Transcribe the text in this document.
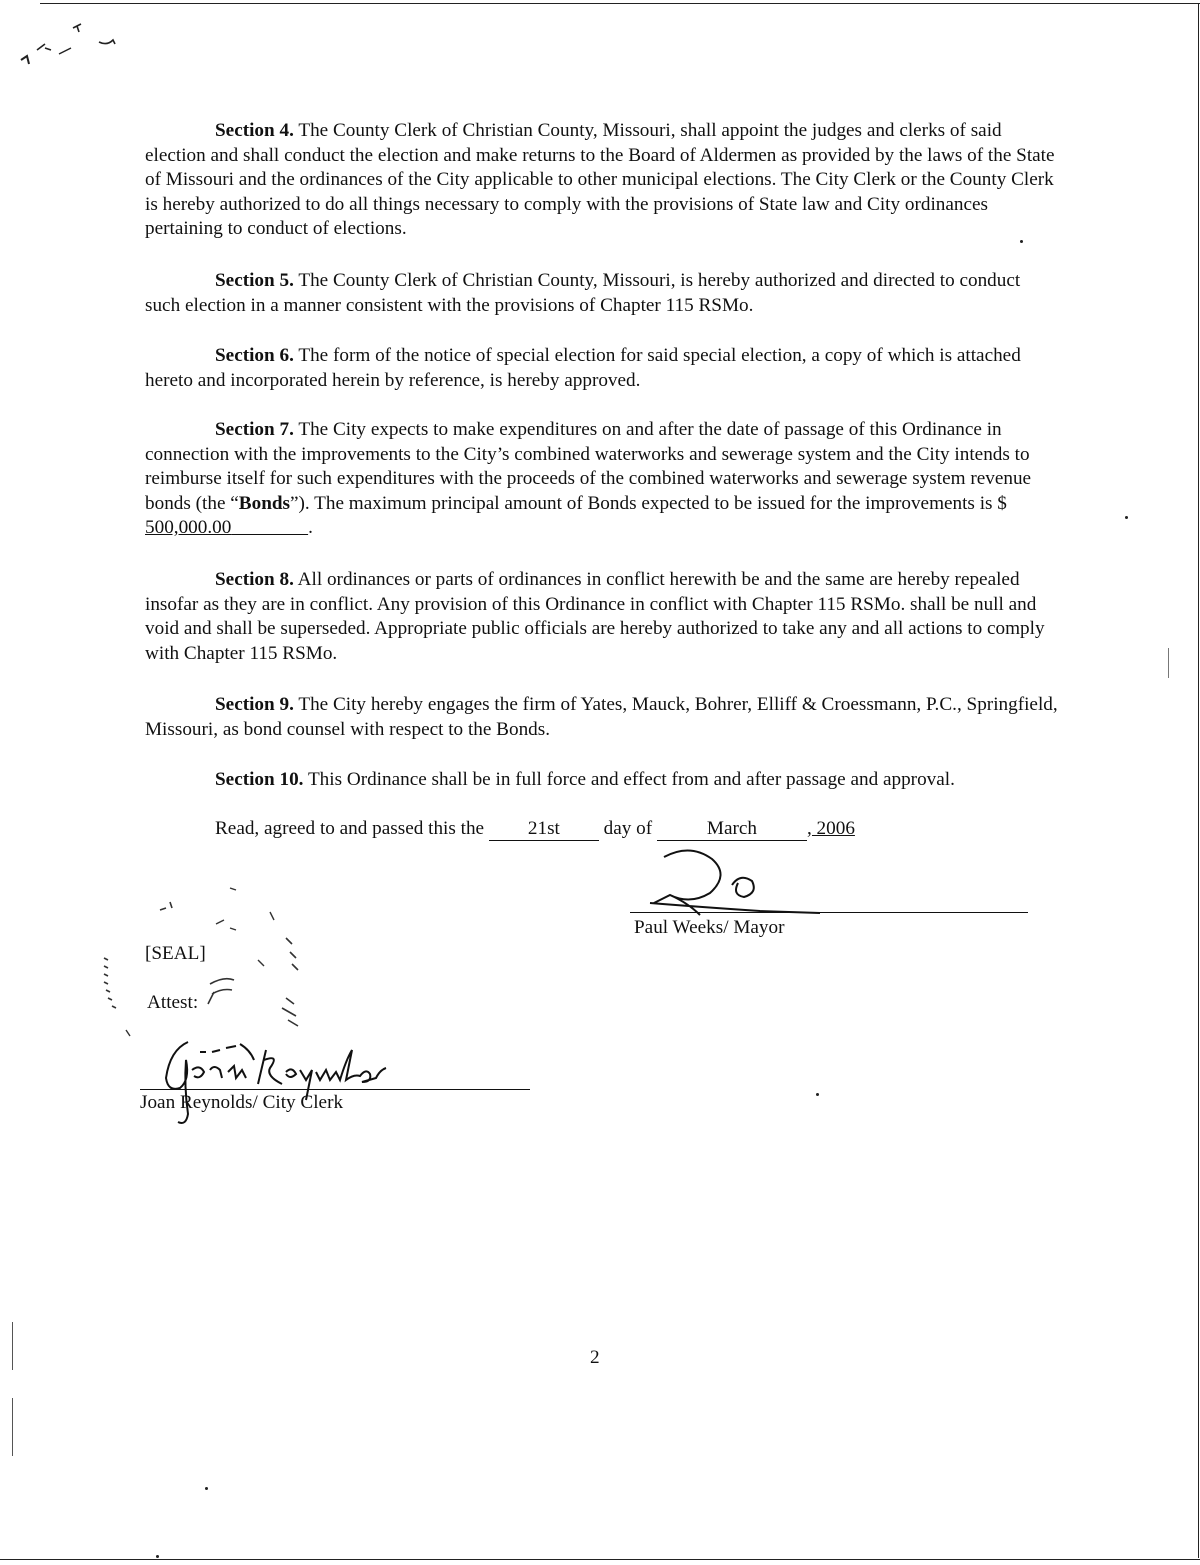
Section 4. The County Clerk of Christian County, Missouri, shall appoint the judges and clerks of said election and shall conduct the election and make returns to the Board of Aldermen as provided by the laws of the State of Missouri and the ordinances of the City applicable to other municipal elections. The City Clerk or the County Clerk is hereby authorized to do all things necessary to comply with the provisions of State law and City ordinances pertaining to conduct of elections.

Section 5. The County Clerk of Christian County, Missouri, is hereby authorized and directed to conduct such election in a manner consistent with the provisions of Chapter 115 RSMo.

Section 6. The form of the notice of special election for said special election, a copy of which is attached hereto and incorporated herein by reference, is hereby approved.

Section 7. The City expects to make expenditures on and after the date of passage of this Ordinance in connection with the improvements to the City’s combined waterworks and sewerage system and the City intends to reimburse itself for such expenditures with the proceeds of the combined waterworks and sewerage system revenue bonds (the “Bonds”). The maximum principal amount of Bonds expected to be issued for the improvements is $ 500,000.00	.

Section 8. All ordinances or parts of ordinances in conflict herewith be and the same are hereby repealed insofar as they are in conflict. Any provision of this Ordinance in conflict with Chapter 115 RSMo. shall be null and void and shall be superseded. Appropriate public officials are hereby authorized to take any and all actions to comply with Chapter 115 RSMo.

Section 9. The City hereby engages the firm of Yates, Mauck, Bohrer, Elliff & Croessmann, P.C., Springfield, Missouri, as bond counsel with respect to the Bonds.

Section 10. This Ordinance shall be in full force and effect from and after passage and approval.

Read, agreed to and passed this the 21st day of	March	, 2006
Paul Weeks/ Mayor
[SEAL]
Attest:
Joan Reynolds/ City Clerk
2
